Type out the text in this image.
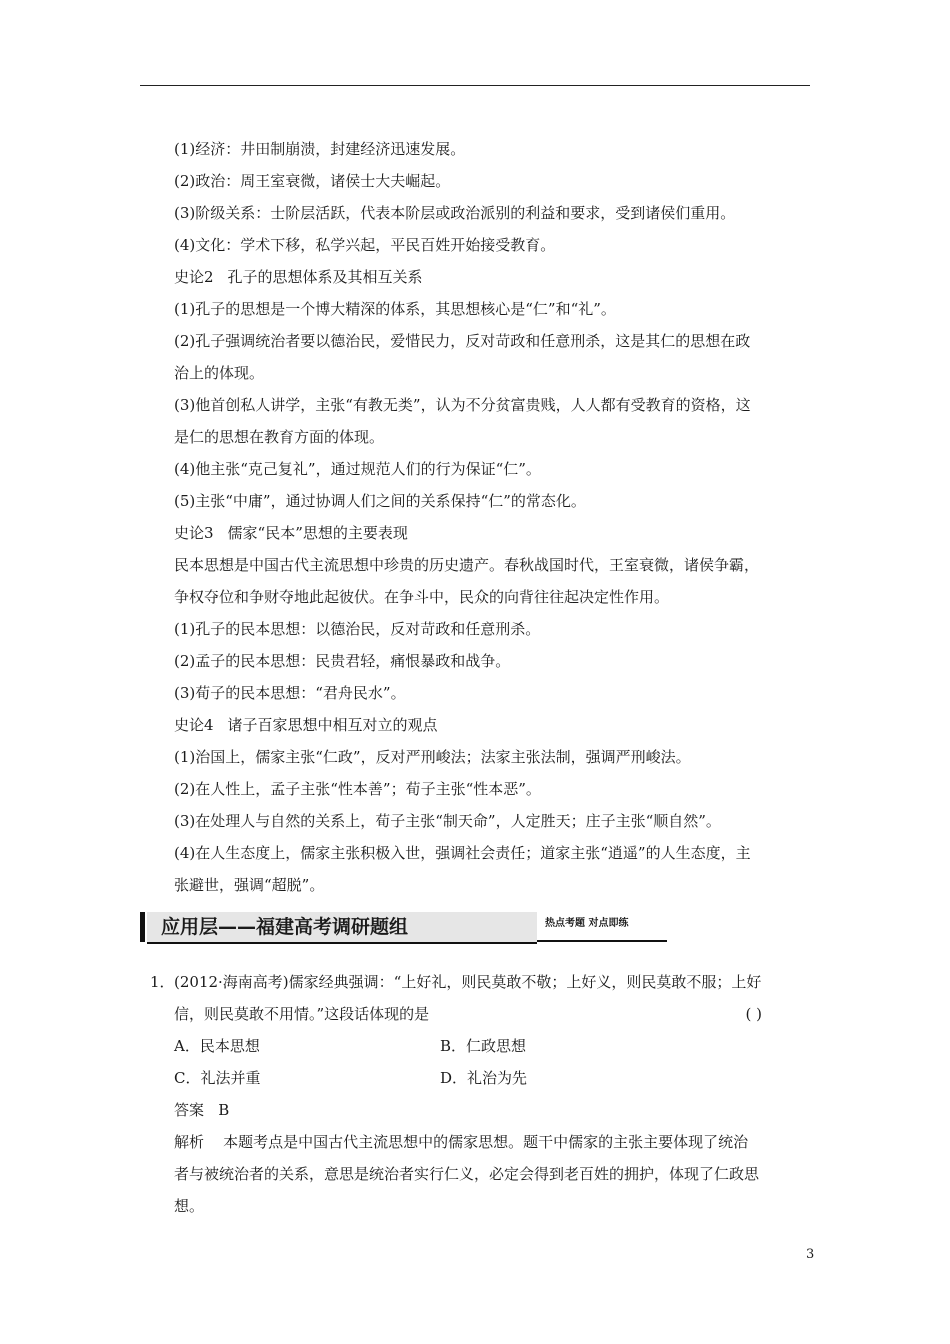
(1)经济：井田制崩溃，封建经济迅速发展。
(2)政治：周王室衰微，诸侯士大夫崛起。
(3)阶级关系：士阶层活跃，代表本阶层或政治派别的利益和要求，受到诸侯们重用。
(4)文化：学术下移，私学兴起，平民百姓开始接受教育。
史论2 孔子的思想体系及其相互关系
(1)孔子的思想是一个博大精深的体系，其思想核心是“仁”和“礼”。
(2)孔子强调统治者要以德治民，爱惜民力，反对苛政和任意刑杀，这是其仁的思想在政
治上的体现。
(3)他首创私人讲学，主张“有教无类”，认为不分贫富贵贱，人人都有受教育的资格，这
是仁的思想在教育方面的体现。
(4)他主张“克己复礼”，通过规范人们的行为保证“仁”。
(5)主张“中庸”，通过协调人们之间的关系保持“仁”的常态化。
史论3 儒家“民本”思想的主要表现
民本思想是中国古代主流思想中珍贵的历史遗产。春秋战国时代，王室衰微，诸侯争霸，
争权夺位和争财夺地此起彼伏。在争斗中，民众的向背往往起决定性作用。
(1)孔子的民本思想：以德治民，反对苛政和任意刑杀。
(2)孟子的民本思想：民贵君轻，痛恨暴政和战争。
(3)荀子的民本思想：“君舟民水”。
史论4 诸子百家思想中相互对立的观点
(1)治国上，儒家主张“仁政”，反对严刑峻法；法家主张法制，强调严刑峻法。
(2)在人性上，孟子主张“性本善”；荀子主张“性本恶”。
(3)在处理人与自然的关系上，荀子主张“制天命”，人定胜天；庄子主张“顺自然”。
(4)在人生态度上，儒家主张积极入世，强调社会责任；道家主张“逍遥”的人生态度，主
张避世，强调“超脱”。
应用层——福建高考调研题组	热点考题 对点即练
1． (2012·海南高考)儒家经典强调：“上好礼，则民莫敢不敬；上好义，则民莫敢不服；上好
信，则民莫敢不用情。”这段话体现的是	( )
A．民本思想	B．仁政思想
C．礼法并重	D．礼治为先
答案   B
解析    本题考点是中国古代主流思想中的儒家思想。题干中儒家的主张主要体现了统治
者与被统治者的关系，意思是统治者实行仁义，必定会得到老百姓的拥护，体现了仁政思
想。
3
